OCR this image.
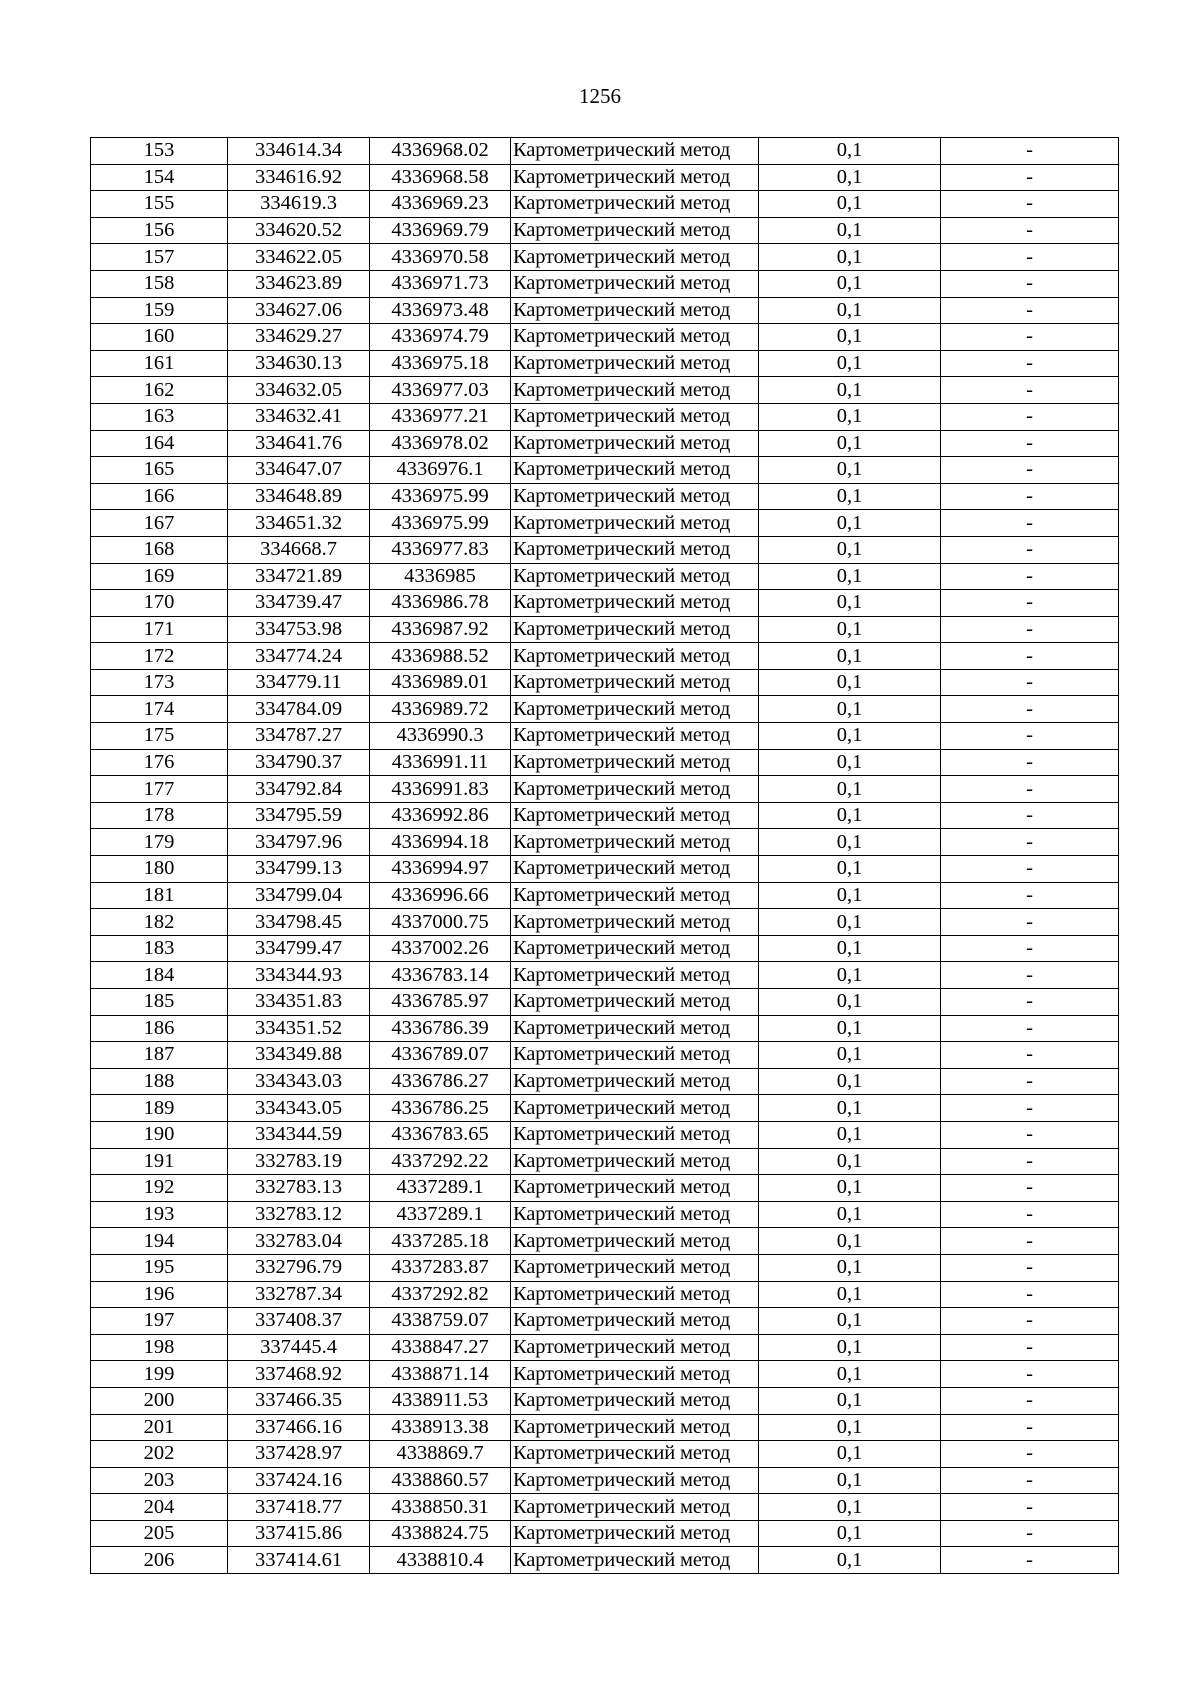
1256
153	334614.34	4336968.02	Картометрический метод	0,1	-
154	334616.92	4336968.58	Картометрический метод	0,1	-
155	334619.3	4336969.23	Картометрический метод	0,1	-
156	334620.52	4336969.79	Картометрический метод	0,1	-
157	334622.05	4336970.58	Картометрический метод	0,1	-
158	334623.89	4336971.73	Картометрический метод	0,1	-
159	334627.06	4336973.48	Картометрический метод	0,1	-
160	334629.27	4336974.79	Картометрический метод	0,1	-
161	334630.13	4336975.18	Картометрический метод	0,1	-
162	334632.05	4336977.03	Картометрический метод	0,1	-
163	334632.41	4336977.21	Картометрический метод	0,1	-
164	334641.76	4336978.02	Картометрический метод	0,1	-
165	334647.07	4336976.1	Картометрический метод	0,1	-
166	334648.89	4336975.99	Картометрический метод	0,1	-
167	334651.32	4336975.99	Картометрический метод	0,1	-
168	334668.7	4336977.83	Картометрический метод	0,1	-
169	334721.89	4336985	Картометрический метод	0,1	-
170	334739.47	4336986.78	Картометрический метод	0,1	-
171	334753.98	4336987.92	Картометрический метод	0,1	-
172	334774.24	4336988.52	Картометрический метод	0,1	-
173	334779.11	4336989.01	Картометрический метод	0,1	-
174	334784.09	4336989.72	Картометрический метод	0,1	-
175	334787.27	4336990.3	Картометрический метод	0,1	-
176	334790.37	4336991.11	Картометрический метод	0,1	-
177	334792.84	4336991.83	Картометрический метод	0,1	-
178	334795.59	4336992.86	Картометрический метод	0,1	-
179	334797.96	4336994.18	Картометрический метод	0,1	-
180	334799.13	4336994.97	Картометрический метод	0,1	-
181	334799.04	4336996.66	Картометрический метод	0,1	-
182	334798.45	4337000.75	Картометрический метод	0,1	-
183	334799.47	4337002.26	Картометрический метод	0,1	-
184	334344.93	4336783.14	Картометрический метод	0,1	-
185	334351.83	4336785.97	Картометрический метод	0,1	-
186	334351.52	4336786.39	Картометрический метод	0,1	-
187	334349.88	4336789.07	Картометрический метод	0,1	-
188	334343.03	4336786.27	Картометрический метод	0,1	-
189	334343.05	4336786.25	Картометрический метод	0,1	-
190	334344.59	4336783.65	Картометрический метод	0,1	-
191	332783.19	4337292.22	Картометрический метод	0,1	-
192	332783.13	4337289.1	Картометрический метод	0,1	-
193	332783.12	4337289.1	Картометрический метод	0,1	-
194	332783.04	4337285.18	Картометрический метод	0,1	-
195	332796.79	4337283.87	Картометрический метод	0,1	-
196	332787.34	4337292.82	Картометрический метод	0,1	-
197	337408.37	4338759.07	Картометрический метод	0,1	-
198	337445.4	4338847.27	Картометрический метод	0,1	-
199	337468.92	4338871.14	Картометрический метод	0,1	-
200	337466.35	4338911.53	Картометрический метод	0,1	-
201	337466.16	4338913.38	Картометрический метод	0,1	-
202	337428.97	4338869.7	Картометрический метод	0,1	-
203	337424.16	4338860.57	Картометрический метод	0,1	-
204	337418.77	4338850.31	Картометрический метод	0,1	-
205	337415.86	4338824.75	Картометрический метод	0,1	-
206	337414.61	4338810.4	Картометрический метод	0,1	-
